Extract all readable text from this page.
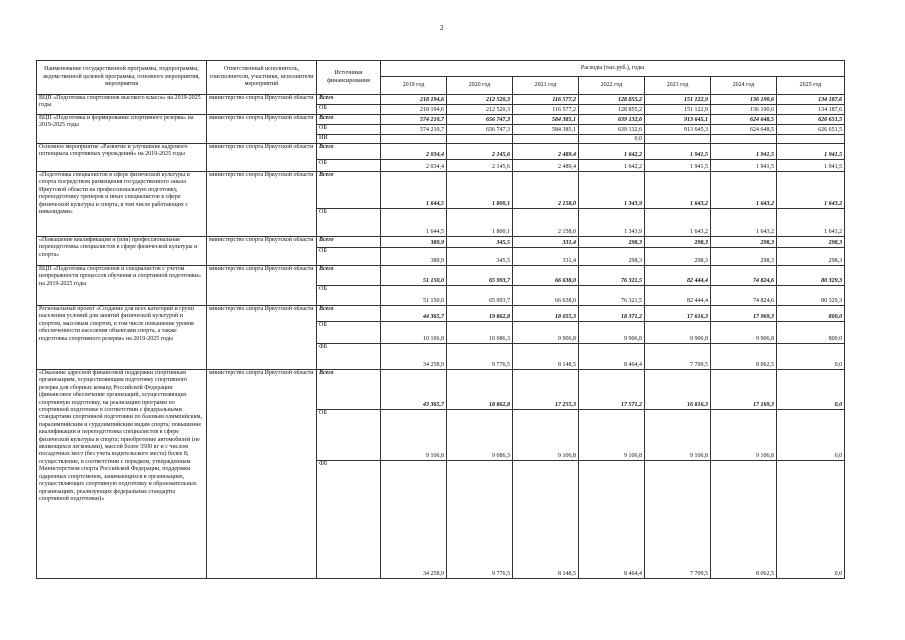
2
Наименование государственной программы, подпрограммы, ведомственной целевой программы, основного мероприятия, мероприятия	Ответственный исполнитель, соисполнители, участники, исполнители мероприятий	Источники финансирования	Расходы (тыс.руб.), годы						
			2019 год	2020 год	2021 год	2022 год	2023 год	2024 год	2025 год
ВЦП «Подготовка спортсменов высокого класса» на 2019-2025 годы	министерство спорта Иркутской области	Всего	218 194,6	212 520,3	116 577,2	128 855,2	151 122,9	136 190,6	134 187,6
		ОБ	218 194,6	212 520,3	116 577,2	128 855,2	151 122,9	136 190,6	134 187,6
ВЦП «Подготовка и формирование спортивного резерва» на 2019-2025 годы	министерство спорта Иркутской области	Всего	574 210,7	656 747,3	584 385,1	639 132,6	913 645,1	624 648,5	626 651,5
		ОБ	574 210,7	656 747,3	584 385,1	639 132,6	913 645,3	624 648,5	626 651,5
		ИИ				0,0			
Основное мероприятие «Развитие и улучшение кадрового потенциала спортивных учреждений» на 2019-2025 годы	министерство спорта Иркутской области	Всего	2 034,4	2 145,6	2 489,4	1 642,2	1 941,5	1 941,5	1 941,5
		ОБ	2 034,4	2 145,6	2 489,4	1 642,2	1 941,5	1 941,5	1 941,5
«Подготовка специалистов в сфере физической культуры и спорта посредством размещения государственного заказа Иркутской области на профессиональную подготовку, переподготовку тренеров и иных специалистов в сфере физической культуры и спорта, в том числе работающих с инвалидами»	министерство спорта Иркутской области	Всего	1 644,5	1 800,1	2 158,0	1 343,9	1 643,2	1 643,2	1 643,2
		ОБ	1 644,5	1 800,1	2 158,0	1 343,9	1 643,2	1 643,2	1 643,2
«Повышение квалификации и (или) профессиональная переподготовка специалистов в сфере физической культуры и спорта»	министерство спорта Иркутской области	Всего	389,9	345,5	331,4	298,3	298,3	298,3	298,3
		ОБ	389,9	345,5	331,4	298,3	298,3	298,3	298,3
ВЦП «Подготовка спортсменов и специалистов с учетом непрерывности процессов обучения и спортивной подготовки» на 2019-2025 годы	министерство спорта Иркутской области	Всего	51 150,0	65 993,7	66 638,0	76 321,5	82 444,4	74 824,6	80 329,3
		ОБ	51 150,0	65 993,7	66 638,0	76 321,5	82 444,4	74 824,6	80 329,3
Региональный проект «Создание для всех категорий и групп населения условий для занятий физической культурой и спортом, массовым спортом, в том числе повышение уровня обеспеченности населения объектами спорта, а также подготовка спортивного резерва» на 2019-2025 годы	министерство спорта Иркутской области	Всего	44 365,7	19 862,8	18 055,3	18 371,2	17 616,3	17 969,3	800,0
		ОБ	10 106,8	10 086,3	9 906,8	9 906,8	9 906,8	9 906,8	800,0
		ФБ	34 258,9	9 776,5	8 148,5	8 464,4	7 709,5	8 062,5	0,0
«Оказание адресной финансовой поддержки спортивным организациям, осуществляющим подготовку спортивного резерва для сборных команд Российской Федерации (финансовое обеспечение организаций, осуществляющих спортивную подготовку, на реализацию программ по спортивной подготовке в соответствии с федеральными стандартами спортивной подготовки по базовым олимпийским, паралимпийским и сурдлимпийским видам спорта; повышение квалификации и переподготовка специалистов в сфере физической культуры и спорта; приобретение автомобилей (не являющихся легковыми), массой более 3500 кг и с числом посадочных мест (без учета водительского места) более 8; осуществление, в соответствии с порядком, утвержденным Министерством спорта Российской Федерации, поддержки одаренных спортсменов, занимающихся в организациях, осуществляющих спортивную подготовку и образовательных организациях, реализующих федеральные стандарты спортивной подготовки)»	министерство спорта Иркутской области	Всего	43 365,7	18 862,8	17 255,3	17 571,2	16 816,3	17 169,3	0,0
		ОБ	9 106,8	9 086,3	9 106,8	9 106,8	9 106,8	9 106,8	0,0
		ФБ	34 258,9	9 776,5	8 148,5	8 464,4	7 709,5	8 062,5	0,0
